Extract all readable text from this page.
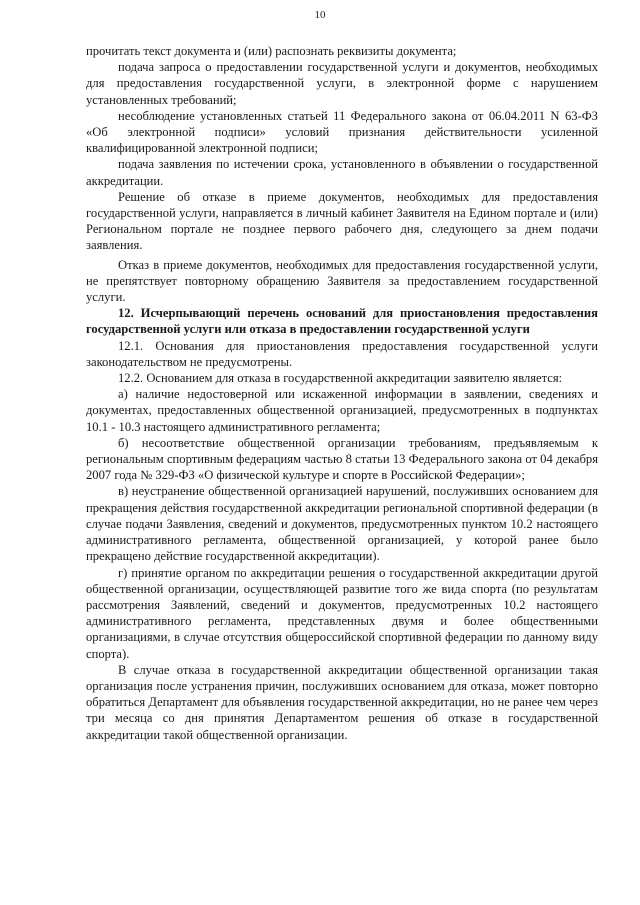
10

прочитать текст документа и (или) распознать реквизиты документа;

подача запроса о предоставлении государственной услуги и документов, необходимых для предоставления государственной услуги, в электронной форме с нарушением установленных требований;

несоблюдение установленных статьей 11 Федерального закона от 06.04.2011 N 63-ФЗ «Об электронной подписи» условий признания действительности усиленной квалифицированной электронной подписи;

подача заявления по истечении срока, установленного в объявлении о государственной аккредитации.

Решение об отказе в приеме документов, необходимых для предоставления государственной услуги, направляется в личный кабинет Заявителя на Едином портале и (или) Региональном портале не позднее первого рабочего дня, следующего за днем подачи заявления.

Отказ в приеме документов, необходимых для предоставления государственной услуги, не препятствует повторному обращению Заявителя за предоставлением государственной услуги.

12. Исчерпывающий перечень оснований для приостановления предоставления государственной услуги или отказа в предоставлении государственной услуги

12.1. Основания для приостановления предоставления государственной услуги законодательством не предусмотрены.

12.2. Основанием для отказа в государственной аккредитации заявителю является:

а) наличие недостоверной или искаженной информации в заявлении, сведениях и документах, предоставленных общественной организацией, предусмотренных в подпунктах 10.1 - 10.3 настоящего административного регламента;

б) несоответствие общественной организации требованиям, предъявляемым к региональным спортивным федерациям частью 8 статьи 13 Федерального закона от 04 декабря 2007 года № 329-ФЗ «О физической культуре и спорте в Российской Федерации»;

в) неустранение общественной организацией нарушений, послуживших основанием для прекращения действия государственной аккредитации региональной спортивной федерации (в случае подачи Заявления, сведений и документов, предусмотренных пунктом 10.2 настоящего административного регламента, общественной организацией, у которой ранее было прекращено действие государственной аккредитации).

г) принятие органом по аккредитации решения о государственной аккредитации другой общественной организации, осуществляющей развитие того же вида спорта (по результатам рассмотрения Заявлений, сведений и документов, предусмотренных 10.2 настоящего административного регламента, представленных двумя и более общественными организациями, в случае отсутствия общероссийской спортивной федерации по данному виду спорта).

В случае отказа в государственной аккредитации общественной организации такая организация после устранения причин, послуживших основанием для отказа, может повторно обратиться Департамент для объявления государственной аккредитации, но не ранее чем через три месяца со дня принятия Департаментом решения об отказе в государственной аккредитации такой общественной организации.
